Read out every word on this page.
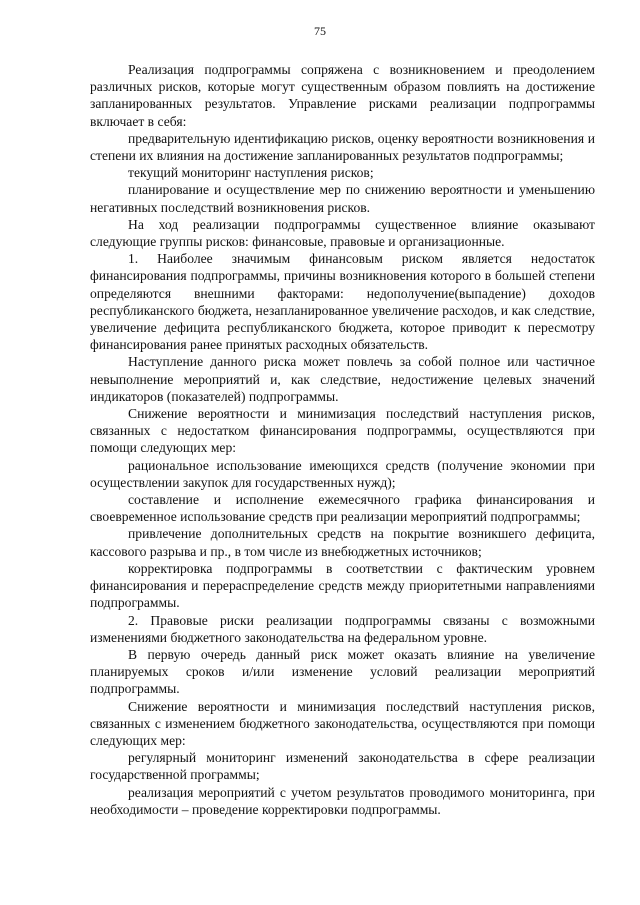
75

Реализация подпрограммы сопряжена с возникновением и преодолением различных рисков, которые могут существенным образом повлиять на достижение запланированных результатов. Управление рисками реализации подпрограммы включает в себя:

предварительную идентификацию рисков, оценку вероятности возникновения и степени их влияния на достижение запланированных результатов подпрограммы;

текущий мониторинг наступления рисков;

планирование и осуществление мер по снижению вероятности и уменьшению негативных последствий возникновения рисков.

На ход реализации подпрограммы существенное влияние оказывают следующие группы рисков: финансовые, правовые и организационные.

1. Наиболее значимым финансовым риском является недостаток финансирования подпрограммы, причины возникновения которого в большей степени определяются внешними факторами: недополучение(выпадение) доходов республиканского бюджета, незапланированное увеличение расходов, и как следствие, увеличение дефицита республиканского бюджета, которое приводит к пересмотру финансирования ранее принятых расходных обязательств.

Наступление данного риска может повлечь за собой полное или частичное невыполнение мероприятий и, как следствие, недостижение целевых значений индикаторов (показателей) подпрограммы.

Снижение вероятности и минимизация последствий наступления рисков, связанных с недостатком финансирования подпрограммы, осуществляются при помощи следующих мер:

рациональное использование имеющихся средств (получение экономии при осуществлении закупок для государственных нужд);

составление и исполнение ежемесячного графика финансирования и своевременное использование средств при реализации мероприятий подпрограммы;

привлечение дополнительных средств на покрытие возникшего дефицита, кассового разрыва и пр., в том числе из внебюджетных источников;

корректировка подпрограммы в соответствии с фактическим уровнем финансирования и перераспределение средств между приоритетными направлениями подпрограммы.

2. Правовые риски реализации подпрограммы связаны с возможными изменениями бюджетного законодательства на федеральном уровне.

В первую очередь данный риск может оказать влияние на увеличение планируемых сроков и/или изменение условий реализации мероприятий подпрограммы.

Снижение вероятности и минимизация последствий наступления рисков, связанных с изменением бюджетного законодательства, осуществляются при помощи следующих мер:

регулярный мониторинг изменений законодательства в сфере реализации государственной программы;

реализация мероприятий с учетом результатов проводимого мониторинга, при необходимости – проведение корректировки подпрограммы.
